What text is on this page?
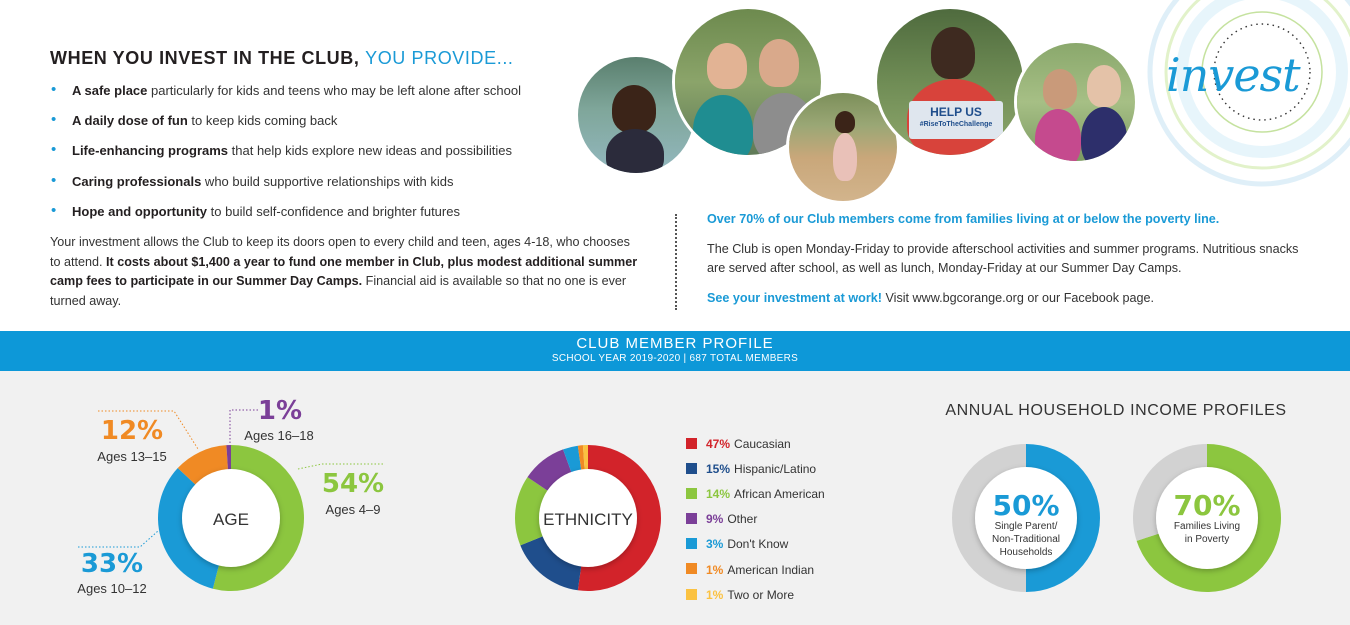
WHEN YOU INVEST IN THE CLUB, YOU PROVIDE...
• A safe place particularly for kids and teens who may be left alone after school
• A daily dose of fun to keep kids coming back
• Life-enhancing programs that help kids explore new ideas and possibilities
• Caring professionals who build supportive relationships with kids
• Hope and opportunity to build self-confidence and brighter futures

Your investment allows the Club to keep its doors open to every child and teen, ages 4-18, who chooses to attend. It costs about $1,400 a year to fund one member in Club, plus modest additional summer camp fees to participate in our Summer Day Camps. Financial aid is available so that no one is ever turned away.

Over 70% of our Club members come from families living at or below the poverty line.

The Club is open Monday-Friday to provide afterschool activities and summer programs. Nutritious snacks are served after school, as well as lunch, Monday-Friday at our Summer Day Camps.

See your investment at work! Visit www.bgcorange.org or our Facebook page.

HELP US
#RiseToTheChallenge
invest
CLUB MEMBER PROFILE
SCHOOL YEAR 2019-2020 | 687 TOTAL MEMBERS
12%
Ages 13–15
1%
Ages 16–18
54%
Ages 4–9
33%
Ages 10–12
AGE	ETHNICITY
47% Caucasian
15% Hispanic/Latino
14% African American
9% Other
3% Don't Know
1% American Indian
1% Two or More
ANNUAL HOUSEHOLD INCOME PROFILES
50%
Single Parent/
Non-Traditional
Households
70%
Families Living
in Poverty
